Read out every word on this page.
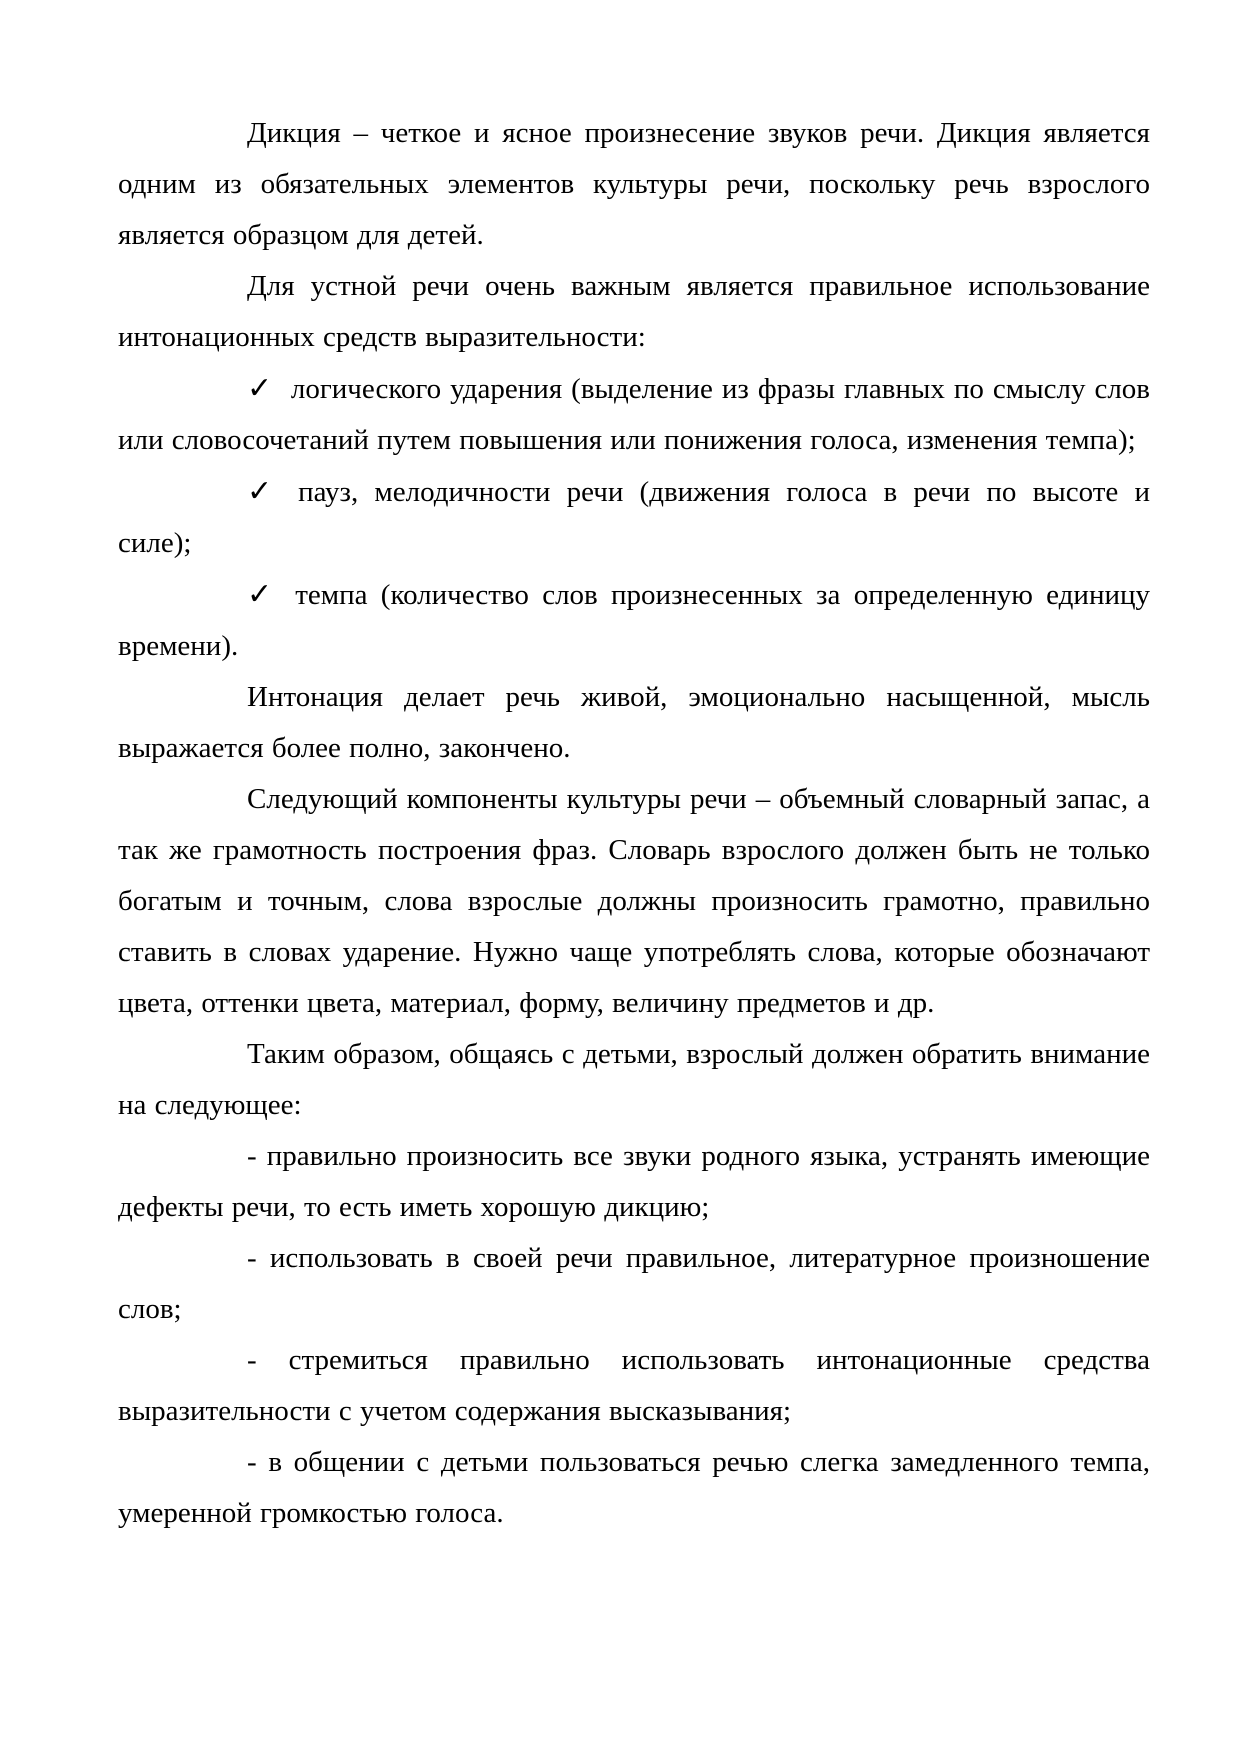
Дикция – четкое и ясное произнесение звуков речи. Дикция является одним из обязательных элементов культуры речи, поскольку речь взрослого является образцом для детей.

Для устной речи очень важным является правильное использование интонационных средств выразительности:

✓ логического ударения (выделение из фразы главных по смыслу слов или словосочетаний путем повышения или понижения голоса, изменения темпа);

✓ пауз, мелодичности речи (движения голоса в речи по высоте и силе);

✓ темпа (количество слов произнесенных за определенную единицу времени).

Интонация делает речь живой, эмоционально насыщенной, мысль выражается более полно, закончено.

Следующий компоненты культуры речи – объемный словарный запас, а так же грамотность построения фраз. Словарь взрослого должен быть не только богатым и точным, слова взрослые должны произносить грамотно, правильно ставить в словах ударение. Нужно чаще употреблять слова, которые обозначают цвета, оттенки цвета, материал, форму, величину предметов и др.

Таким образом, общаясь с детьми, взрослый должен обратить внимание на следующее:

- правильно произносить все звуки родного языка, устранять имеющие дефекты речи, то есть иметь хорошую дикцию;

- использовать в своей речи правильное, литературное произношение слов;

- стремиться правильно использовать интонационные средства выразительности с учетом содержания высказывания;

- в общении с детьми пользоваться речью слегка замедленного темпа, умеренной громкостью голоса.
